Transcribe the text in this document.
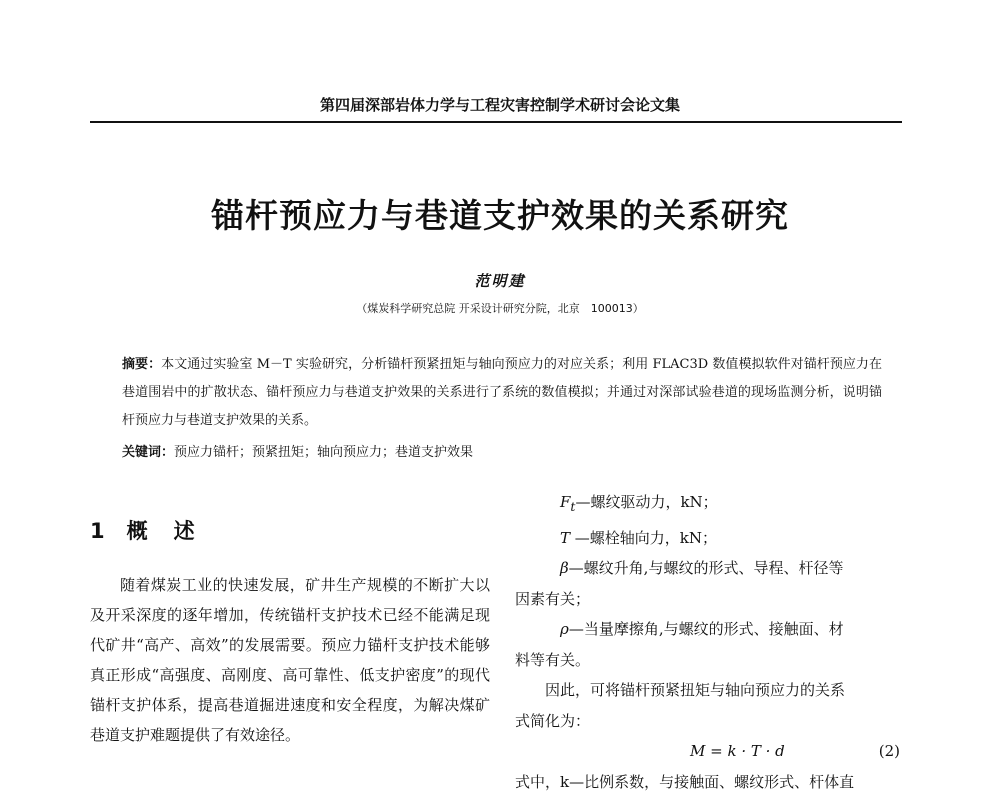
第四届深部岩体力学与工程灾害控制学术研讨会论文集
锚杆预应力与巷道支护效果的关系研究
范明建
（煤炭科学研究总院 开采设计研究分院，北京　100013）
摘要：本文通过实验室 M－T 实验研究，分析锚杆预紧扭矩与轴向预应力的对应关系；利用 FLAC3D 数值模拟软件对锚杆预应力在巷道围岩中的扩散状态、锚杆预应力与巷道支护效果的关系进行了系统的数值模拟；并通过对深部试验巷道的现场监测分析，说明锚杆预应力与巷道支护效果的关系。
关键词：预应力锚杆；预紧扭矩；轴向预应力；巷道支护效果
1 概述

随着煤炭工业的快速发展，矿井生产规模的不断扩大以及开采深度的逐年增加，传统锚杆支护技术已经不能满足现代矿井“高产、高效”的发展需要。预应力锚杆支护技术能够真正形成“高强度、高刚度、高可靠性、低支护密度”的现代锚杆支护体系，提高巷道掘进速度和安全程度，为解决煤矿巷道支护难题提供了有效途径。

$F_t—$螺纹驱动力，kN；
T —螺栓轴向力，kN；
β—螺纹升角,与螺纹的形式、导程、杆径等
因素有关；
ρ—当量摩擦角,与螺纹的形式、接触面、材
料等有关。
因此，可将锚杆预紧扭矩与轴向预应力的关系
式简化为：
M = k · T · d	(2)
式中，k—比例系数，与接触面、螺纹形式、杆体直
